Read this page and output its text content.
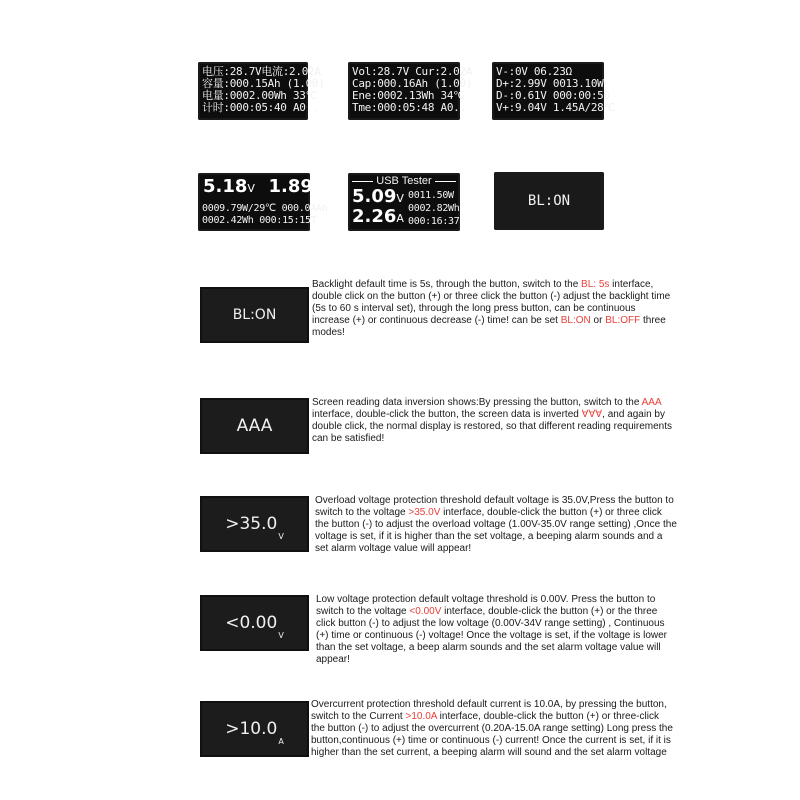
电压:28.7V电流:2.02A
容量:000.15Ah (1.00)
电量:0002.00Wh 33℃
计时:000:05:40 A0..
Vol:28.7V Cur:2.02A
Cap:000.16Ah (1.00)
Ene:0002.13Wh 34℃
Tme:000:05:48 A0..
V-:0V 06.23Ω
D+:2.99V 0013.10W
D-:0.61V 000:00:56
V+:9.04V 1.45A/28℃
5.18V 1.89A
0009.79W/29℃ 000.04Ah
0002.42Wh 000:15:15T
USB Tester
5.09V
2.26A
0011.50W
0002.82Wh
000:16:37
BL:ON
BL:ON
Backlight default time is 5s, through the button, switch to the BL: 5s interface, double click on the button (+) or three click the button (-) adjust the backlight time (5s to 60 s interval set), through the long press button, can be continuous increase (+) or continuous decrease (-) time! can be set BL:ON or BL:OFF three modes!
AAA
Screen reading data inversion shows:By pressing the button, switch to the AAA interface, double-click the button, the screen data is inverted ∀∀∀, and again by double click, the normal display is restored, so that different reading requirements can be satisfied!
>35.0
V
Overload voltage protection threshold default voltage is 35.0V,Press the button to switch to the voltage >35.0V interface, double-click the button (+) or three click the button (-) to adjust the overload voltage (1.00V-35.0V range setting) ,Once the voltage is set, if it is higher than the set voltage, a beeping alarm sounds and a set alarm voltage value will appear!
<0.00
V
Low voltage protection default voltage threshold is 0.00V. Press the button to switch to the voltage <0.00V interface, double-click the button (+) or the three click button (-) to adjust the low voltage (0.00V-34V range setting) , Continuous (+) time or continuous (-) voltage! Once the voltage is set, if the voltage is lower than the set voltage, a beep alarm sounds and the set alarm voltage value will appear!
>10.0
A
Overcurrent protection threshold default current is 10.0A, by pressing the button, switch to the Current >10.0A interface, double-click the button (+) or three-click the button (-) to adjust the overcurrent (0.20A-15.0A range setting) Long press the button,continuous (+) time or continuous (-) current! Once the current is set, if it is higher than the set current, a beeping alarm will sound and the set alarm voltage
